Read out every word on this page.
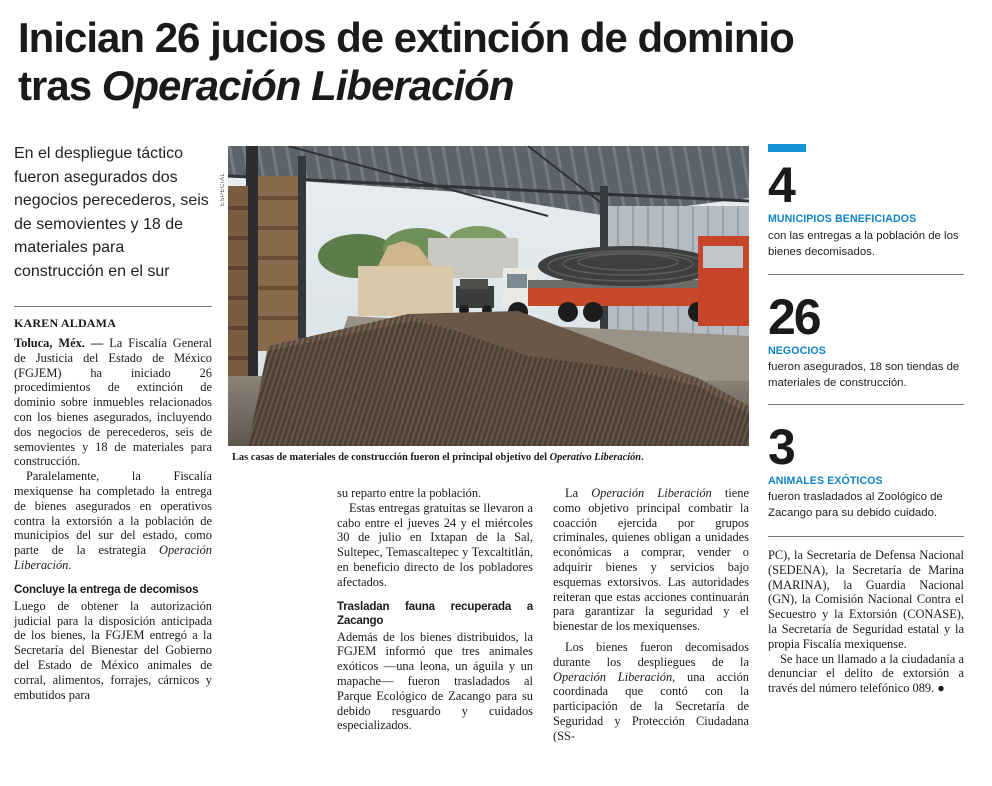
Inician 26 jucios de extinción de dominio
tras Operación Liberación
En el despliegue táctico fueron asegurados dos negocios perecederos, seis de semovientes y 18 de materiales para construcción en el sur
KAREN ALDAMA

Toluca, Méx. — La Fiscalía General de Justicia del Estado de México (FGJEM) ha iniciado 26 procedimientos de extinción de dominio sobre inmuebles relacionados con los bienes asegurados, incluyendo dos negocios de perecederos, seis de semovientes y 18 de materiales para construcción.

Paralelamente, la Fiscalía mexiquense ha completado la entrega de bienes asegurados en operativos contra la extorsión a la población de municipios del sur del estado, como parte de la estrategia Operación Liberación.

Concluye la entrega de decomisos

Luego de obtener la autorización judicial para la disposición anticipada de los bienes, la FGJEM entregó a la Secretaría del Bienestar del Gobierno del Estado de México animales de corral, alimentos, forrajes, cárnicos y embutidos para

ESPECIAL
Las casas de materiales de construcción fueron el principal objetivo del Operativo Liberación.

su reparto entre la población.

Estas entregas gratuitas se llevaron a cabo entre el jueves 24 y el miércoles 30 de julio en Ixtapan de la Sal, Sultepec, Temascaltepec y Texcaltitlán, en beneficio directo de los pobladores afectados.

Trasladan fauna recuperada a Zacango

Además de los bienes distribuidos, la FGJEM informó que tres animales exóticos —una leona, un águila y un mapache— fueron trasladados al Parque Ecológico de Zacango para su debido resguardo y cuidados especializados.

La Operación Liberación tiene como objetivo principal combatir la coacción ejercida por grupos criminales, quienes obligan a unidades económicas a comprar, vender o adquirir bienes y servicios bajo esquemas extorsivos. Las autoridades reiteran que estas acciones continuarán para garantizar la seguridad y el bienestar de los mexiquenses.

Los bienes fueron decomisados durante los despliegues de la Operación Liberación, una acción coordinada que contó con la participación de la Secretaría de Seguridad y Protección Ciudadana (SS-

4
MUNICIPIOS BENEFICIADOS
con las entregas a la población de los bienes decomisados.
26
NEGOCIOS
fueron asegurados, 18 son tiendas de materiales de construcción.
3
ANIMALES EXÓTICOS
fueron trasladados al Zoológico de Zacango para su debido cuidado.

PC), la Secretaría de Defensa Nacional (SEDENA), la Secretaría de Marina (MARINA), la Guardia Nacional (GN), la Comisión Nacional Contra el Secuestro y la Extorsión (CONASE), la Secretaría de Seguridad estatal y la propia Fiscalía mexiquense.

Se hace un llamado a la ciudadanía a denunciar el delito de extorsión a través del número telefónico 089. ●
